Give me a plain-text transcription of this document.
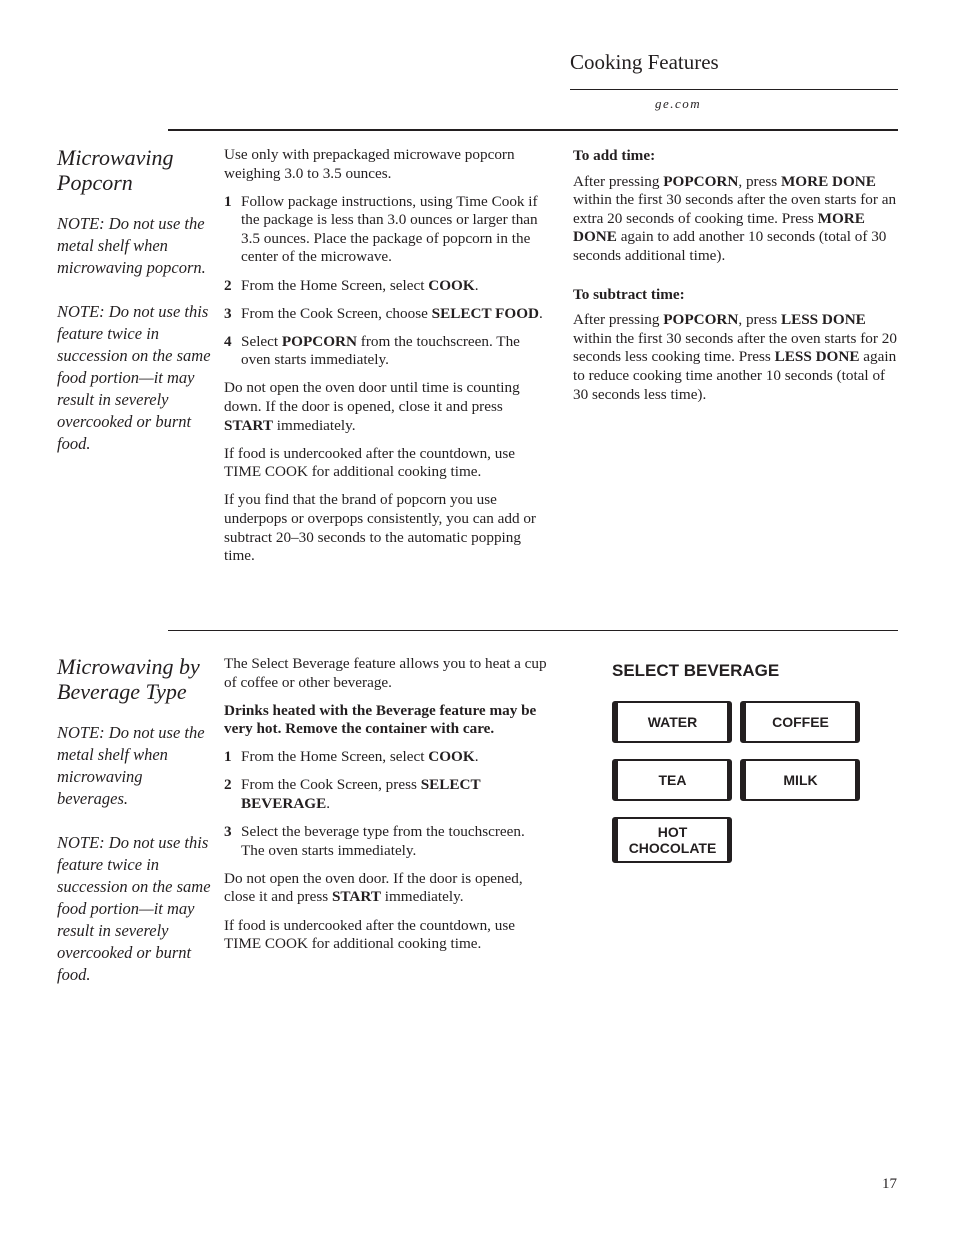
Cooking Features
ge.com
Microwaving
Popcorn

NOTE: Do not use the metal shelf when microwaving popcorn.

NOTE: Do not use this feature twice in succession on the same food portion—it may result in severely overcooked or burnt food.

Use only with prepackaged microwave popcorn weighing 3.0 to 3.5 ounces.

1 Follow package instructions, using Time Cook if the package is less than 3.0 ounces or larger than 3.5 ounces. Place the package of popcorn in the center of the microwave.
2 From the Home Screen, select COOK.
3 From the Cook Screen, choose SELECT FOOD.
4 Select POPCORN from the touchscreen. The oven starts immediately.

Do not open the oven door until time is counting down. If the door is opened, close it and press START immediately.

If food is undercooked after the countdown, use TIME COOK for additional cooking time.

If you find that the brand of popcorn you use underpops or overpops consistently, you can add or subtract 20–30 seconds to the automatic popping time.

To add time:

After pressing POPCORN, press MORE DONE within the first 30 seconds after the oven starts for an extra 20 seconds of cooking time. Press MORE DONE again to add another 10 seconds (total of 30 seconds additional time).

To subtract time:

After pressing POPCORN, press LESS DONE within the first 30 seconds after the oven starts for 20 seconds less cooking time. Press LESS DONE again to reduce cooking time another 10 seconds (total of 30 seconds less time).

Microwaving by
Beverage Type

NOTE: Do not use the metal shelf when microwaving beverages.

NOTE: Do not use this feature twice in succession on the same food portion—it may result in severely overcooked or burnt food.

The Select Beverage feature allows you to heat a cup of coffee or other beverage.

Drinks heated with the Beverage feature may be very hot. Remove the container with care.

1 From the Home Screen, select COOK.
2 From the Cook Screen, press SELECT BEVERAGE.
3 Select the beverage type from the touchscreen. The oven starts immediately.

Do not open the oven door. If the door is opened, close it and press START immediately.

If food is undercooked after the countdown, use TIME COOK for additional cooking time.

SELECT BEVERAGE
WATER	COFFEE
TEA	MILK
HOT
CHOCOLATE
17
